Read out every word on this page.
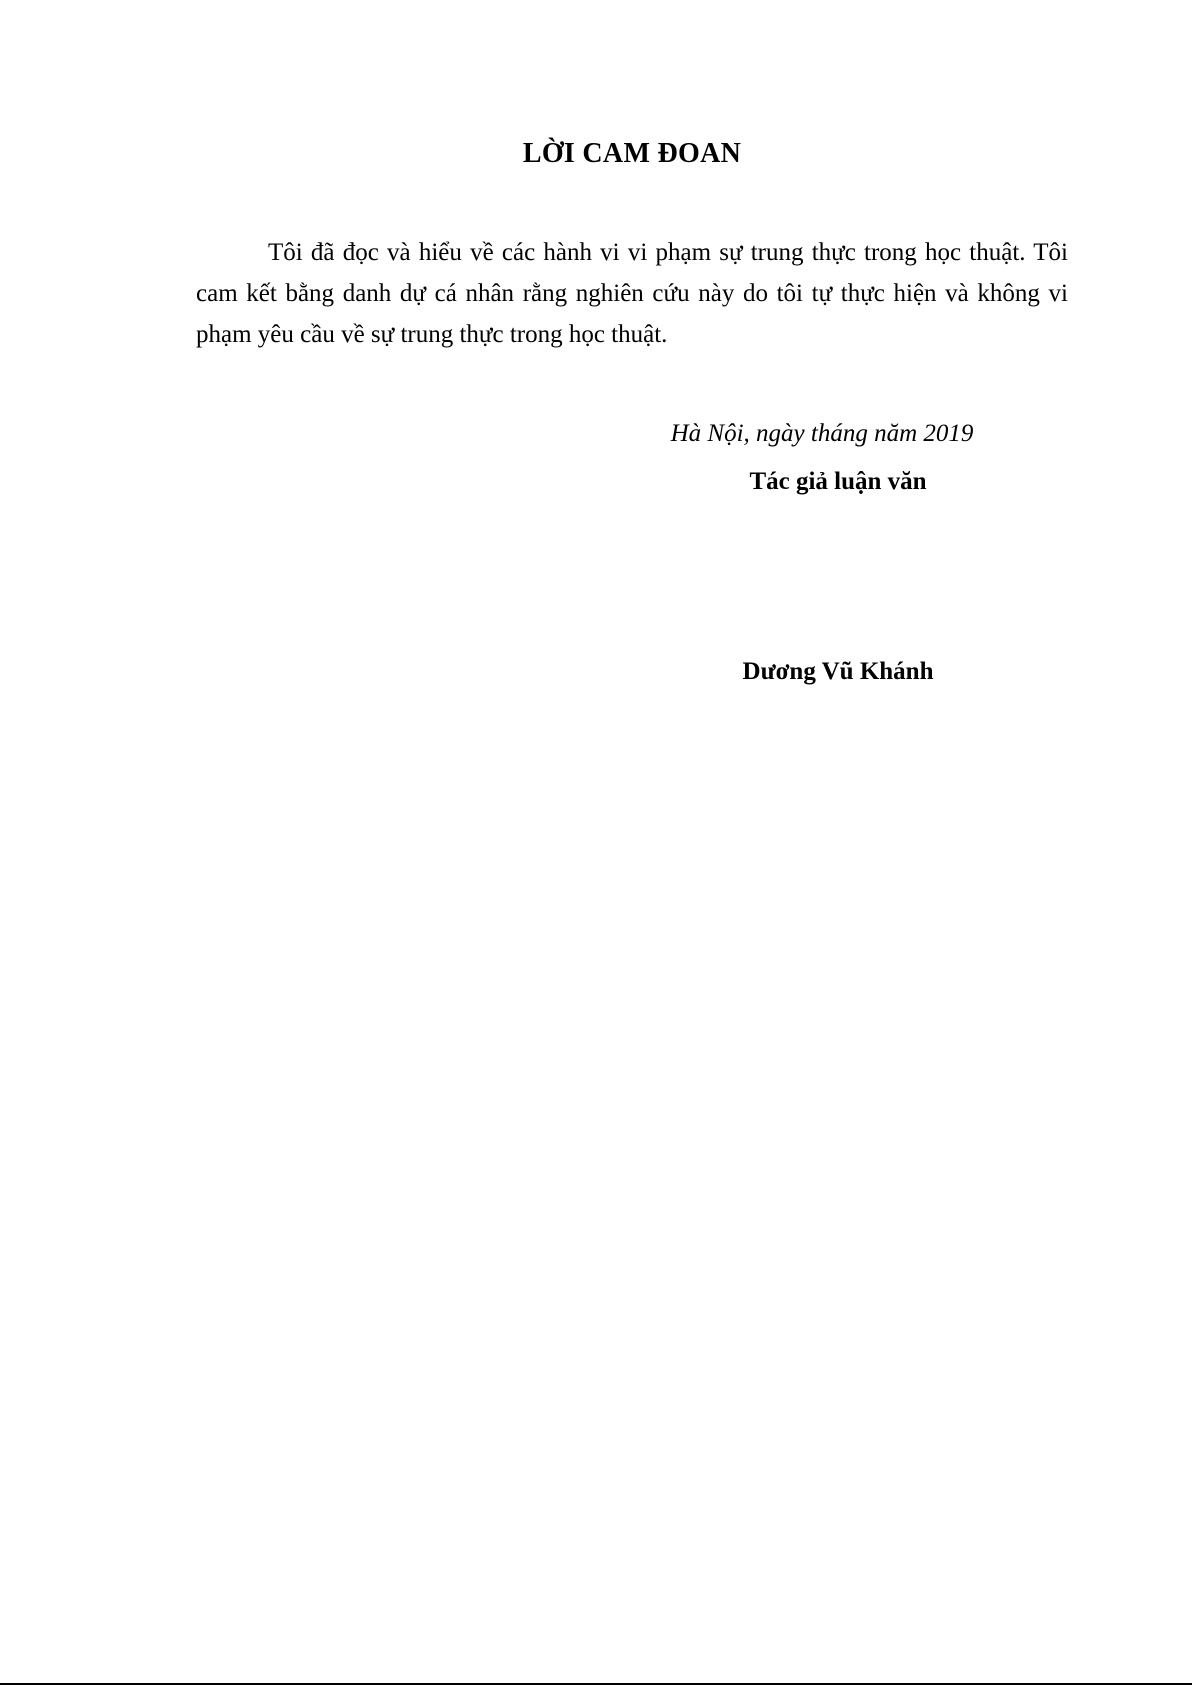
LỜI CAM ĐOAN

Tôi đã đọc và hiểu về các hành vi vi phạm sự trung thực trong học thuật. Tôi cam kết bằng danh dự cá nhân rằng nghiên cứu này do tôi tự thực hiện và không vi phạm yêu cầu về sự trung thực trong học thuật.

Hà Nội, ngày tháng năm 2019

Tác giả luận văn

Dương Vũ Khánh
